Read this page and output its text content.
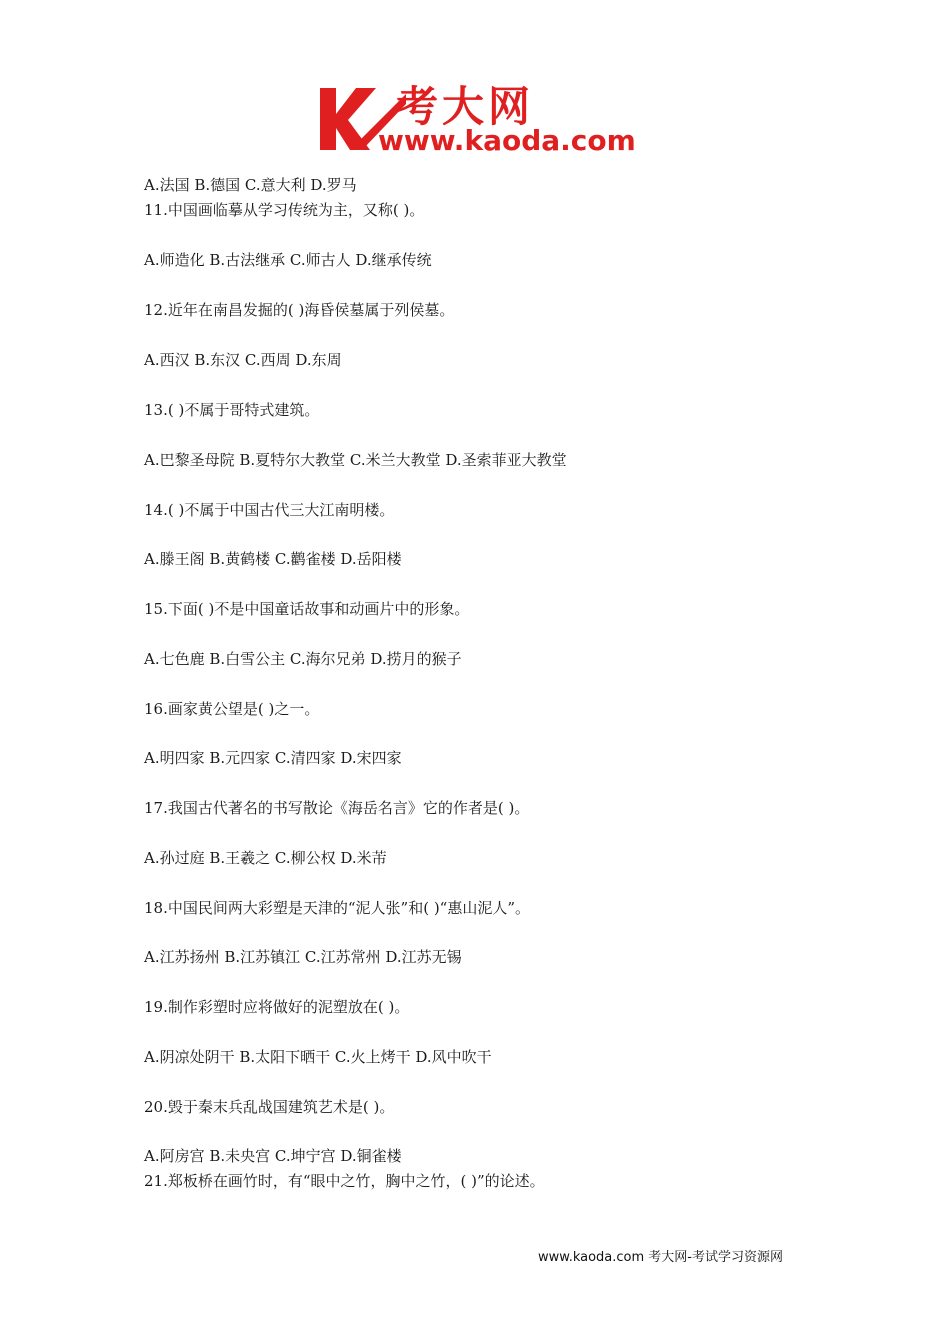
考大网
www.kaoda.com
A.法国 B.德国 C.意大利 D.罗马
11.中国画临摹从学习传统为主，又称( )。
A.师造化 B.古法继承 C.师古人 D.继承传统
12.近年在南昌发掘的( )海昏侯墓属于列侯墓。
A.西汉 B.东汉 C.西周 D.东周
13.( )不属于哥特式建筑。
A.巴黎圣母院 B.夏特尔大教堂 C.米兰大教堂 D.圣索菲亚大教堂
14.( )不属于中国古代三大江南明楼。
A.滕王阁 B.黄鹤楼 C.鹳雀楼 D.岳阳楼
15.下面( )不是中国童话故事和动画片中的形象。
A.七色鹿 B.白雪公主 C.海尔兄弟 D.捞月的猴子
16.画家黄公望是( )之一。
A.明四家 B.元四家 C.清四家 D.宋四家
17.我国古代著名的书写散论《海岳名言》它的作者是( )。
A.孙过庭 B.王羲之 C.柳公权 D.米芾
18.中国民间两大彩塑是天津的“泥人张”和( )“惠山泥人”。
A.江苏扬州 B.江苏镇江 C.江苏常州 D.江苏无锡
19.制作彩塑时应将做好的泥塑放在( )。
A.阴凉处阴干 B.太阳下晒干 C.火上烤干 D.风中吹干
20.毁于秦末兵乱战国建筑艺术是( )。
A.阿房宫 B.未央宫 C.坤宁宫 D.铜雀楼
21.郑板桥在画竹时，有“眼中之竹，胸中之竹，( )”的论述。
www.kaoda.com 考大网-考试学习资源网
